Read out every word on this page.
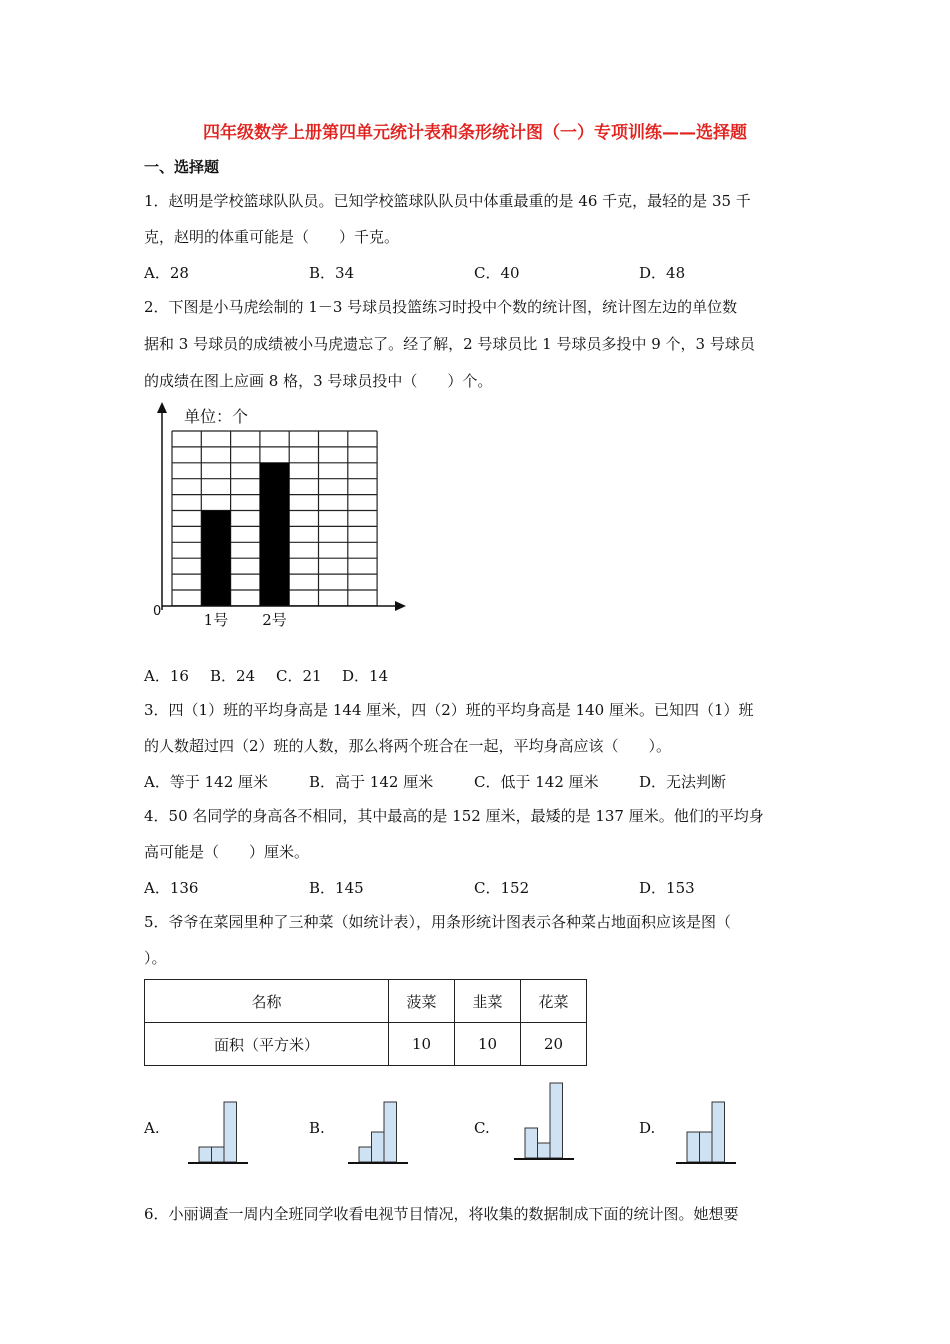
四年级数学上册第四单元统计表和条形统计图（一）专项训练——选择题
一、选择题
1．赵明是学校篮球队队员。已知学校篮球队队员中体重最重的是 46 千克，最轻的是 35 千
克，赵明的体重可能是（　　）千克。
A．28	B．34	C．40	D．48
2．下图是小马虎绘制的 1－3 号球员投篮练习时投中个数的统计图，统计图左边的单位数
据和 3 号球员的成绩被小马虎遗忘了。经了解，2 号球员比 1 号球员多投中 9 个，3 号球员
的成绩在图上应画 8 格，3 号球员投中（　　）个。
单位：个
0	1号 2号
A．16 B．24 C．21 D．14
3．四（1）班的平均身高是 144 厘米，四（2）班的平均身高是 140 厘米。已知四（1）班
的人数超过四（2）班的人数，那么将两个班合在一起，平均身高应该（　　）。
A．等于 142 厘米	B．高于 142 厘米	C．低于 142 厘米	D．无法判断
4．50 名同学的身高各不相同，其中最高的是 152 厘米，最矮的是 137 厘米。他们的平均身
高可能是（　　）厘米。
A．136	B．145	C．152	D．153
5．爷爷在菜园里种了三种菜（如统计表），用条形统计图表示各种菜占地面积应该是图（
）。
名称	菠菜	韭菜	花菜
面积（平方米）	10	10	20
A.	B.	C.	D.
6．小丽调查一周内全班同学收看电视节目情况，将收集的数据制成下面的统计图。她想要
